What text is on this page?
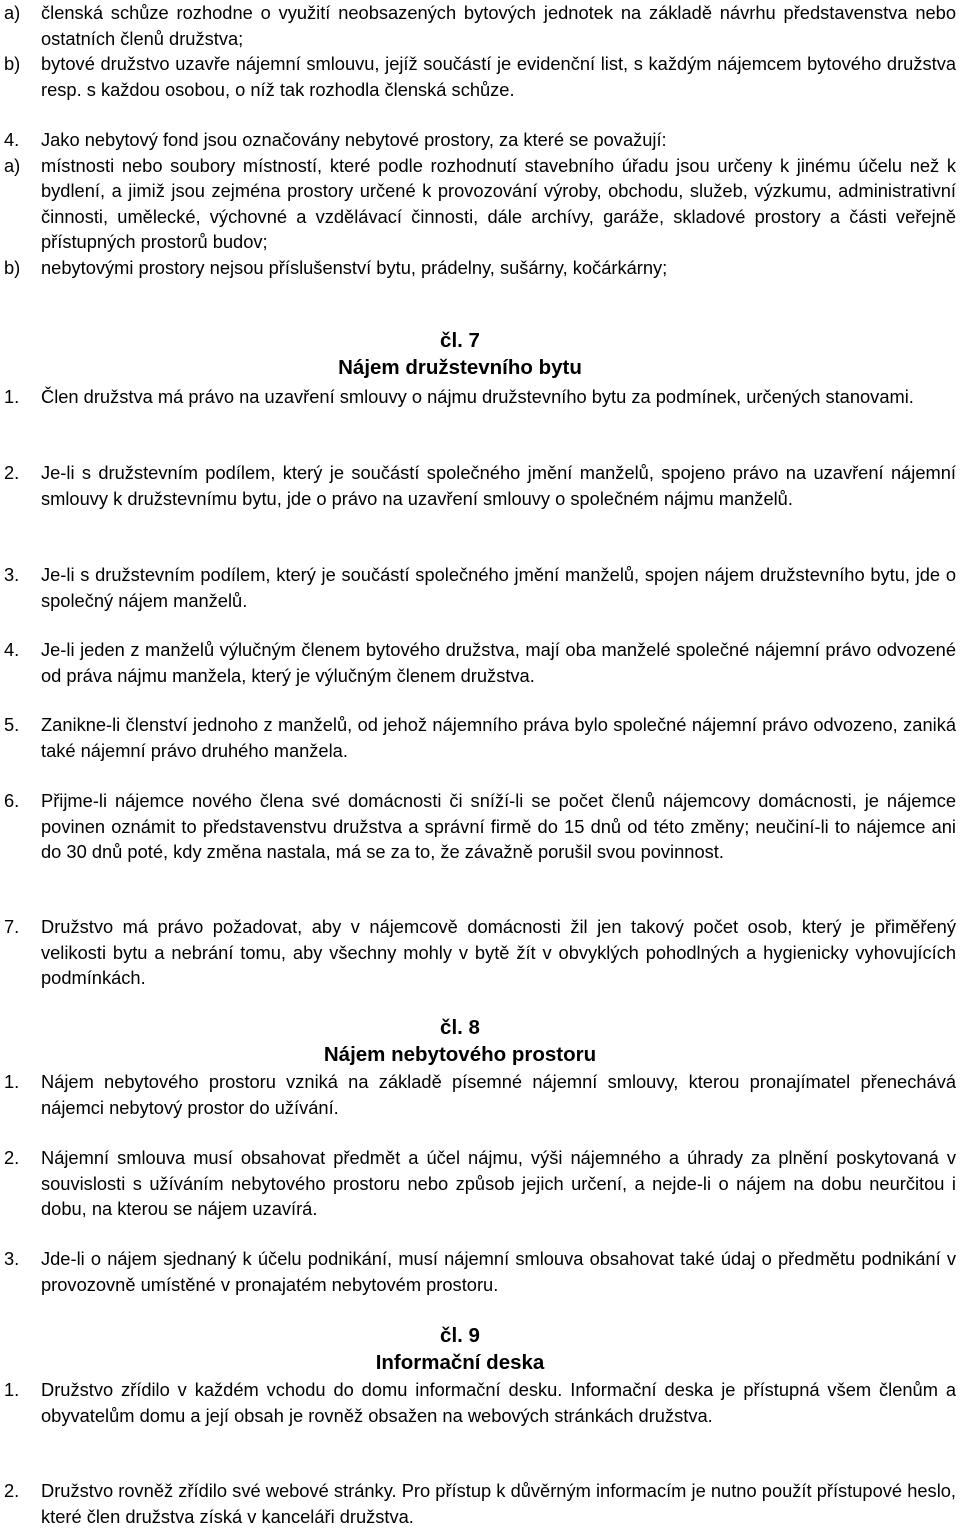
a) členská schůze rozhodne o využití neobsazených bytových jednotek na základě návrhu představenstva nebo ostatních členů družstva;
b) bytové družstvo uzavře nájemní smlouvu, jejíž součástí je evidenční list, s každým nájemcem bytového družstva resp. s každou osobou, o níž tak rozhodla členská schůze.
4. Jako nebytový fond jsou označovány nebytové prostory, za které se považují:
a) místnosti nebo soubory místností, které podle rozhodnutí stavebního úřadu jsou určeny k jinému účelu než k bydlení, a jimiž jsou zejména prostory určené k provozování výroby, obchodu, služeb, výzkumu, administrativní činnosti, umělecké, výchovné a vzdělávací činnosti, dále archívy, garáže, skladové prostory a části veřejně přístupných prostorů budov;
b) nebytovými prostory nejsou příslušenství bytu, prádelny, sušárny, kočárkárny;
čl. 7
Nájem družstevního bytu
1. Člen družstva má právo na uzavření smlouvy o nájmu družstevního bytu za podmínek, určených stanovami.
2. Je-li s družstevním podílem, který je součástí společného jmění manželů, spojeno právo na uzavření nájemní smlouvy k družstevnímu bytu, jde o právo na uzavření smlouvy o společném nájmu manželů.
3. Je-li s družstevním podílem, který je součástí společného jmění manželů, spojen nájem družstevního bytu, jde o společný nájem manželů.
4. Je-li jeden z manželů výlučným členem bytového družstva, mají oba manželé společné nájemní právo odvozené od práva nájmu manžela, který je výlučným členem družstva.
5. Zanikne-li členství jednoho z manželů, od jehož nájemního práva bylo společné nájemní právo odvozeno, zaniká také nájemní právo druhého manžela.
6. Přijme-li nájemce nového člena své domácnosti či sníží-li se počet členů nájemcovy domácnosti, je nájemce povinen oznámit to představenstvu družstva a správní firmě do 15 dnů od této změny; neučiní-li to nájemce ani do 30 dnů poté, kdy změna nastala, má se za to, že závažně porušil svou povinnost.
7. Družstvo má právo požadovat, aby v nájemcově domácnosti žil jen takový počet osob, který je přiměřený velikosti bytu a nebrání tomu, aby všechny mohly v bytě žít v obvyklých pohodlných a hygienicky vyhovujících podmínkách.
čl. 8
Nájem nebytového prostoru
1. Nájem nebytového prostoru vzniká na základě písemné nájemní smlouvy, kterou pronajímatel přenechává nájemci nebytový prostor do užívání.
2. Nájemní smlouva musí obsahovat předmět a účel nájmu, výši nájemného a úhrady za plnění poskytovaná v souvislosti s užíváním nebytového prostoru nebo způsob jejich určení, a nejde-li o nájem na dobu neurčitou i dobu, na kterou se nájem uzavírá.
3. Jde-li o nájem sjednaný k účelu podnikání, musí nájemní smlouva obsahovat také údaj o předmětu podnikání v provozovně umístěné v pronajatém nebytovém prostoru.
čl. 9
Informační deska
1. Družstvo zřídilo v každém vchodu do domu informační desku. Informační deska je přístupná všem členům a obyvatelům domu a její obsah je rovněž obsažen na webových stránkách družstva.
2. Družstvo rovněž zřídilo své webové stránky. Pro přístup k důvěrným informacím je nutno použít přístupové heslo, které člen družstva získá v kanceláři družstva.
